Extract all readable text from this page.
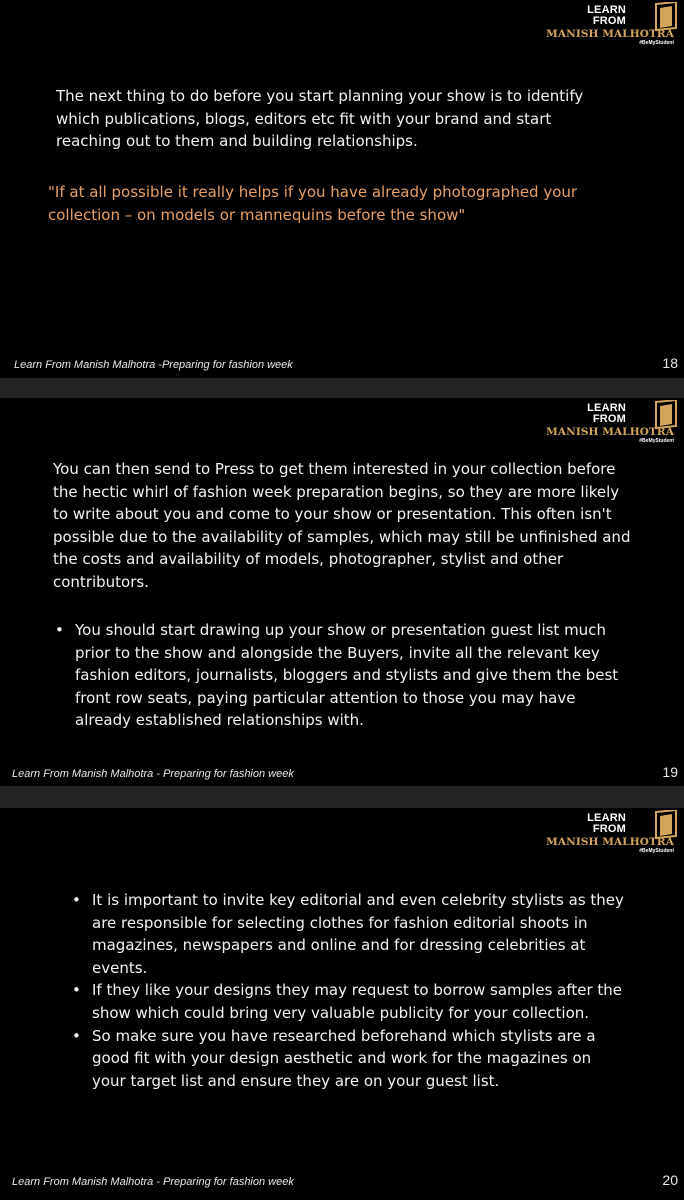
LEARN
FROM
MANISH MALHOTRA
#BeMyStudent

The next thing to do before you start planning your show is to identify which publications, blogs, editors etc fit with your brand and start reaching out to them and building relationships.

"If at all possible it really helps if you have already photographed your collection – on models or mannequins before the show"

Learn From Manish Malhotra -Preparing for fashion week	18
LEARN
FROM
MANISH MALHOTRA
#BeMyStudent

You can then send to Press to get them interested in your collection before the hectic whirl of fashion week preparation begins, so they are more likely to write about you and come to your show or presentation. This often isn't possible due to the availability of samples, which may still be unfinished and the costs and availability of models, photographer, stylist and other contributors.

• You should start drawing up your show or presentation guest list much prior to the show and alongside the Buyers, invite all the relevant key fashion editors, journalists, bloggers and stylists and give them the best front row seats, paying particular attention to those you may have already established relationships with.
Learn From Manish Malhotra - Preparing for fashion week	19
LEARN
FROM
MANISH MALHOTRA
#BeMyStudent
• It is important to invite key editorial and even celebrity stylists as they are responsible for selecting clothes for fashion editorial shoots in magazines, newspapers and online and for dressing celebrities at events.
• If they like your designs they may request to borrow samples after the show which could bring very valuable publicity for your collection.
• So make sure you have researched beforehand which stylists are a good fit with your design aesthetic and work for the magazines on your target list and ensure they are on your guest list.
Learn From Manish Malhotra - Preparing for fashion week	20
